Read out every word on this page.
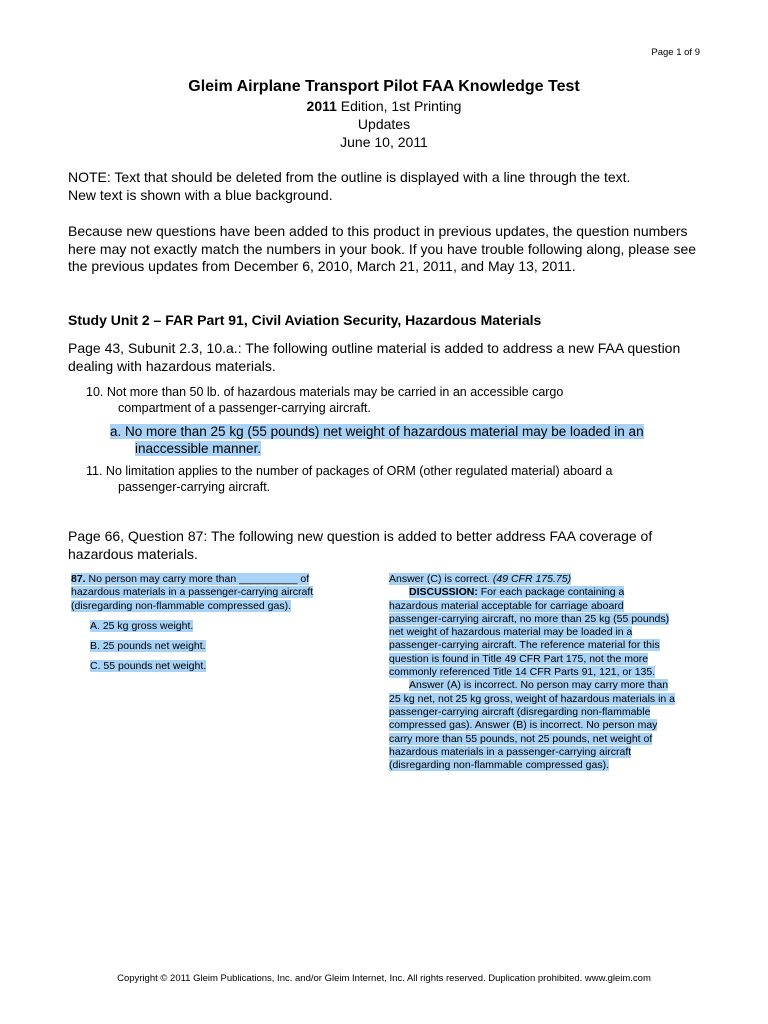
Page 1 of 9
Gleim Airplane Transport Pilot FAA Knowledge Test
2011 Edition, 1st Printing
Updates
June 10, 2011
NOTE: Text that should be deleted from the outline is displayed with a line through the text.
New text is shown with a blue background.
Because new questions have been added to this product in previous updates, the question numbers here may not exactly match the numbers in your book. If you have trouble following along, please see the previous updates from December 6, 2010, March 21, 2011, and May 13, 2011.
Study Unit 2 – FAR Part 91, Civil Aviation Security, Hazardous Materials
Page 43, Subunit 2.3, 10.a.: The following outline material is added to address a new FAA question dealing with hazardous materials.
10. Not more than 50 lb. of hazardous materials may be carried in an accessible cargo
compartment of a passenger-carrying aircraft.
a. No more than 25 kg (55 pounds) net weight of hazardous material may be loaded in an
inaccessible manner.
11. No limitation applies to the number of packages of ORM (other regulated material) aboard a
passenger-carrying aircraft.
Page 66, Question 87: The following new question is added to better address FAA coverage of hazardous materials.
87. No person may carry more than __________ of
hazardous materials in a passenger-carrying aircraft
(disregarding non-flammable compressed gas).
A. 25 kg gross weight.
B. 25 pounds net weight.
C. 55 pounds net weight.
Answer (C) is correct. (49 CFR 175.75)
DISCUSSION: For each package containing a
hazardous material acceptable for carriage aboard
passenger-carrying aircraft, no more than 25 kg (55 pounds)
net weight of hazardous material may be loaded in a
passenger-carrying aircraft. The reference material for this
question is found in Title 49 CFR Part 175, not the more
commonly referenced Title 14 CFR Parts 91, 121, or 135.
Answer (A) is incorrect. No person may carry more than
25 kg net, not 25 kg gross, weight of hazardous materials in a
passenger-carrying aircraft (disregarding non-flammable
compressed gas). Answer (B) is incorrect. No person may
carry more than 55 pounds, not 25 pounds, net weight of
hazardous materials in a passenger-carrying aircraft
(disregarding non-flammable compressed gas).
Copyright © 2011 Gleim Publications, Inc. and/or Gleim Internet, Inc. All rights reserved. Duplication prohibited. www.gleim.com
